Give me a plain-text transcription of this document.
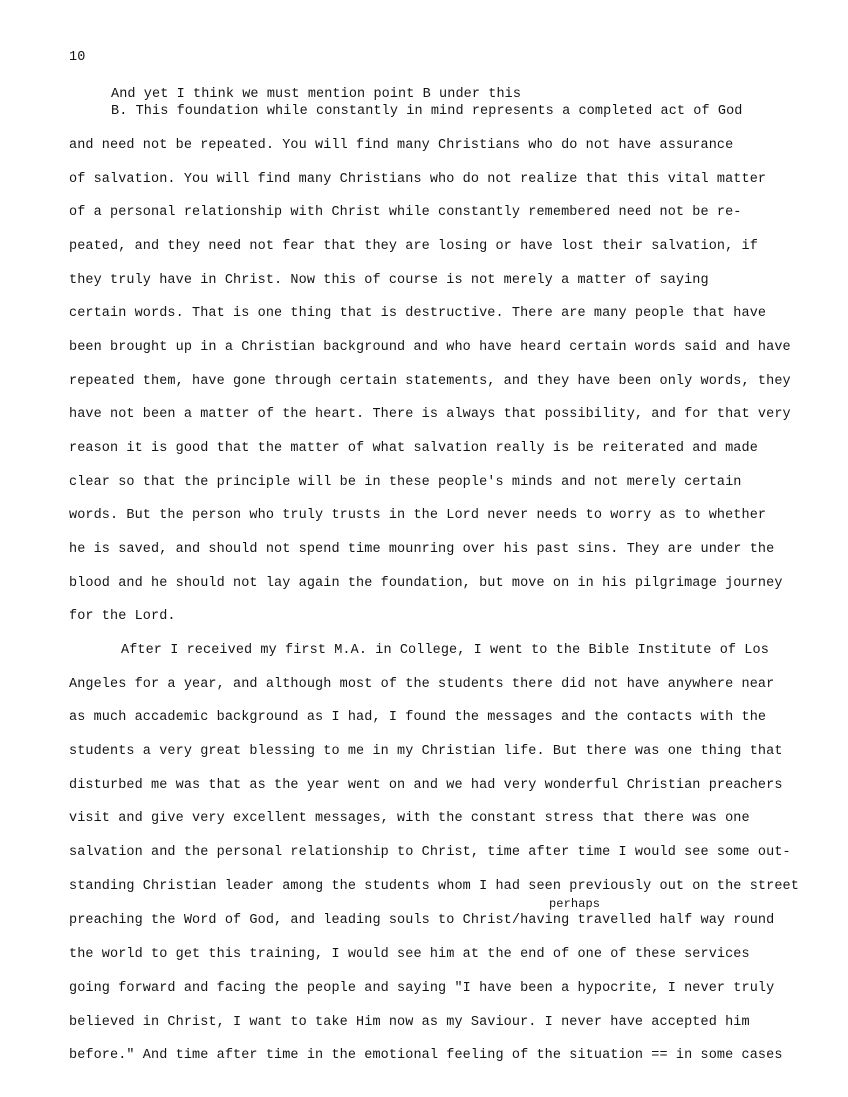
10
And yet I think we must mention point B under this
B. This foundation while constantly in mind represents a completed act of God
and need not be repeated. You will find many Christians who do not have assurance
of salvation. You will find many Christians who do not realize that this vital matter
of a personal relationship with Christ while constantly remembered need not be re-
peated, and they need not fear that they are losing or have lost their salvation, if
they truly have in Christ. Now this of course is not merely a matter of saying
certain words. That is one thing that is destructive. There are many people that have
been brought up in a Christian background and who have heard certain words said and have
repeated them, have gone through certain statements, and they have been only words, they
have not been a matter of the heart. There is always that possibility, and for that very
reason it is good that the matter of what salvation really is be reiterated and made
clear so that the principle will be in these people's minds and not merely certain
words. But the person who truly trusts in the Lord never needs to worry as to whether
he is saved, and should not spend time mounring over his past sins. They are under the
blood and he should not lay again the foundation, but move on in his pilgrimage journey
for the Lord.
After I received my first M.A. in College, I went to the Bible Institute of Los
Angeles for a year, and although most of the students there did not have anywhere near
as much accademic background as I had, I found the messages and the contacts with the
students a very great blessing to me in my Christian life. But there was one thing that
disturbed me was that as the year went on and we had very wonderful Christian preachers
visit and give very excellent messages, with the constant stress that there was one
salvation and the personal relationship to Christ, time after time I would see some out-
standing Christian leader among the students whom I had seen previously out on the street
perhaps
preaching the Word of God, and leading souls to Christ/having travelled half way round
the world to get this training, I would see him at the end of one of these services
going forward and facing the people and saying "I have been a hypocrite, I never truly
believed in Christ, I want to take Him now as my Saviour. I never have accepted him
before." And time after time in the emotional feeling of the situation == in some cases
